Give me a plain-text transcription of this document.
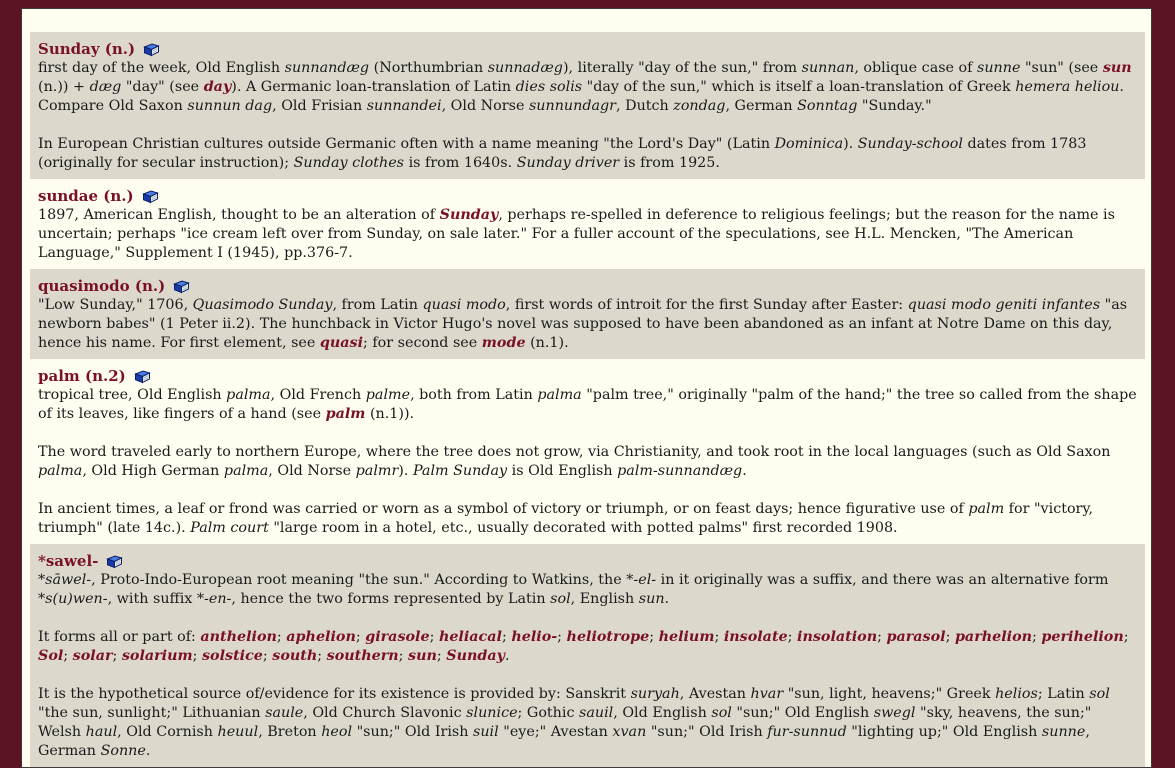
Sunday (n.)

first day of the week, Old English sunnandæg (Northumbrian sunnadæg), literally "day of the sun," from sunnan, oblique case of sunne "sun" (see sun (n.)) + dæg "day" (see day). A Germanic loan-translation of Latin dies solis "day of the sun," which is itself a loan-translation of Greek hemera heliou. Compare Old Saxon sunnun dag, Old Frisian sunnandei, Old Norse sunnundagr, Dutch zondag, German Sonntag "Sunday."

In European Christian cultures outside Germanic often with a name meaning "the Lord's Day" (Latin Dominica). Sunday-school dates from 1783 (originally for secular instruction); Sunday clothes is from 1640s. Sunday driver is from 1925.

sundae (n.)

1897, American English, thought to be an alteration of Sunday, perhaps re-spelled in deference to religious feelings; but the reason for the name is uncertain; perhaps "ice cream left over from Sunday, on sale later." For a fuller account of the speculations, see H.L. Mencken, "The American Language," Supplement I (1945), pp.376-7.

quasimodo (n.)

"Low Sunday," 1706, Quasimodo Sunday, from Latin quasi modo, first words of introit for the first Sunday after Easter: quasi modo geniti infantes "as newborn babes" (1 Peter ii.2). The hunchback in Victor Hugo's novel was supposed to have been abandoned as an infant at Notre Dame on this day, hence his name. For first element, see quasi; for second see mode (n.1).

palm (n.2)

tropical tree, Old English palma, Old French palme, both from Latin palma "palm tree," originally "palm of the hand;" the tree so called from the shape of its leaves, like fingers of a hand (see palm (n.1)).

The word traveled early to northern Europe, where the tree does not grow, via Christianity, and took root in the local languages (such as Old Saxon palma, Old High German palma, Old Norse palmr). Palm Sunday is Old English palm-sunnandæg.

In ancient times, a leaf or frond was carried or worn as a symbol of victory or triumph, or on feast days; hence figurative use of palm for "victory, triumph" (late 14c.). Palm court "large room in a hotel, etc., usually decorated with potted palms" first recorded 1908.

*sawel-

*sāwel-, Proto-Indo-European root meaning "the sun." According to Watkins, the *-el- in it originally was a suffix, and there was an alternative form *s(u)wen-, with suffix *-en-, hence the two forms represented by Latin sol, English sun.

It forms all or part of: anthelion; aphelion; girasole; heliacal; helio-; heliotrope; helium; insolate; insolation; parasol; parhelion; perihelion; Sol; solar; solarium; solstice; south; southern; sun; Sunday.

It is the hypothetical source of/evidence for its existence is provided by: Sanskrit suryah, Avestan hvar "sun, light, heavens;" Greek helios; Latin sol "the sun, sunlight;" Lithuanian saule, Old Church Slavonic slunice; Gothic sauil, Old English sol "sun;" Old English swegl "sky, heavens, the sun;" Welsh haul, Old Cornish heuul, Breton heol "sun;" Old Irish suil "eye;" Avestan xvan "sun;" Old Irish fur-sunnud "lighting up;" Old English sunne, German Sonne.
